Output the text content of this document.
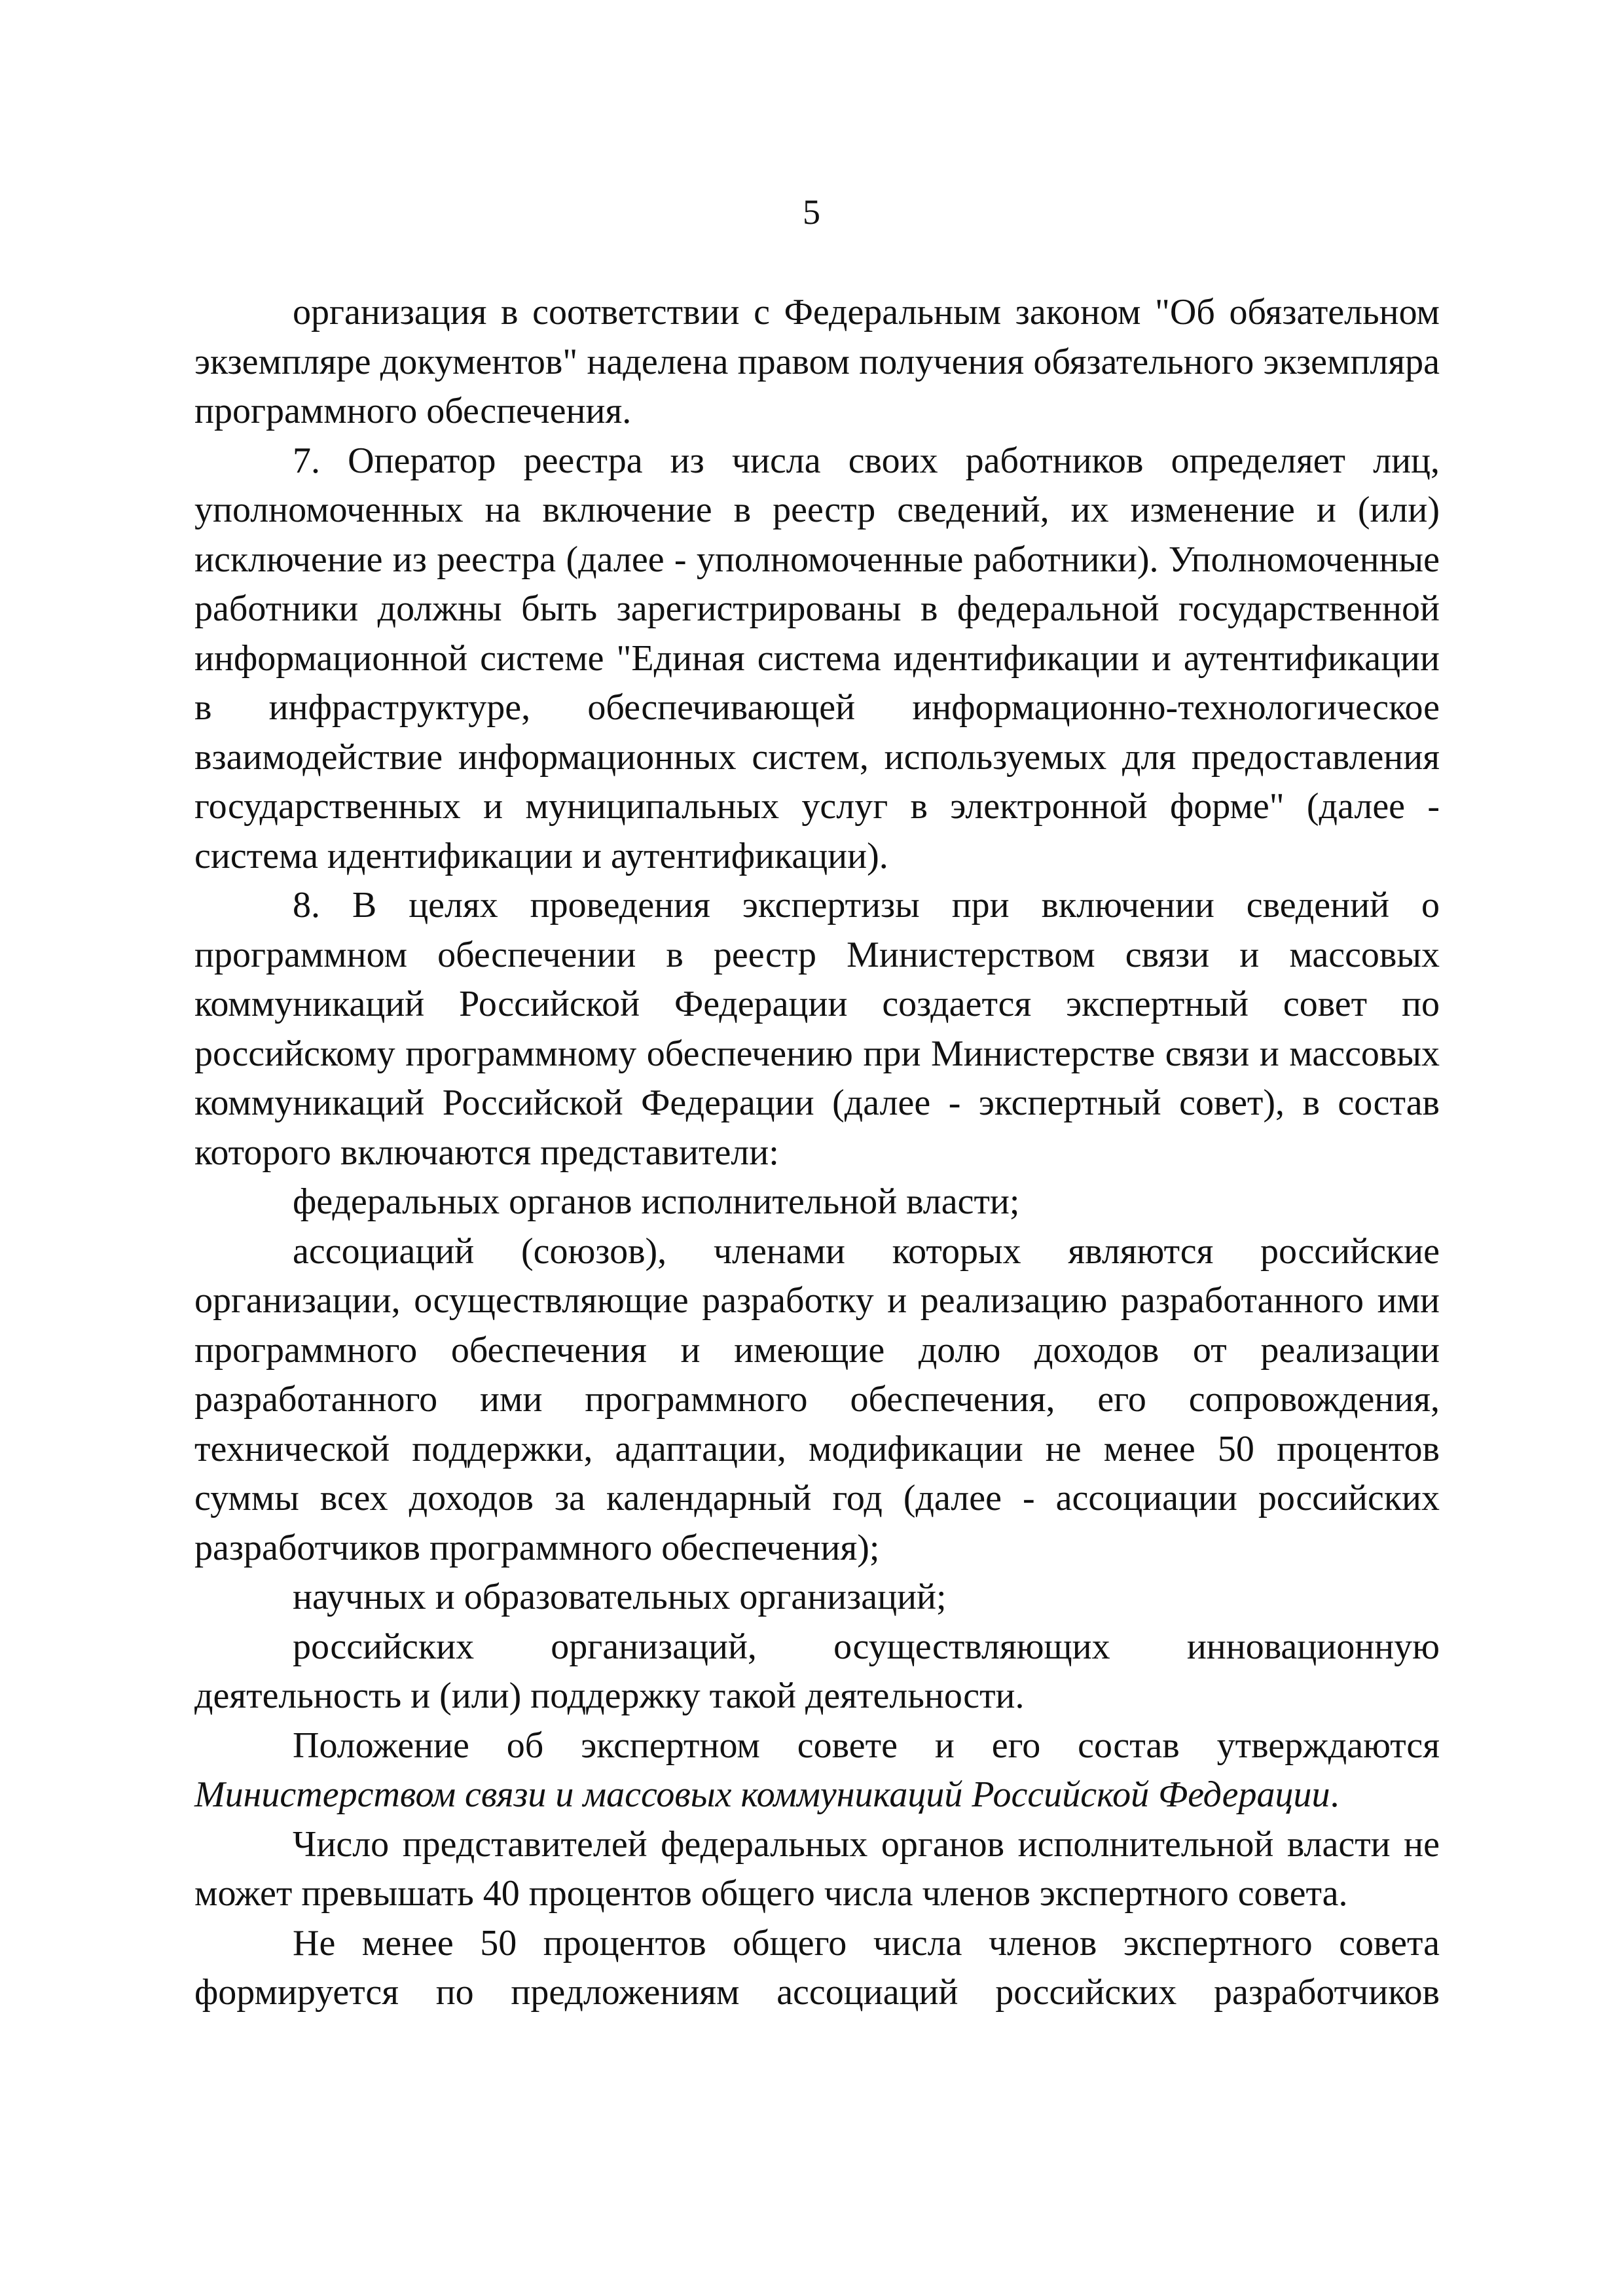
5

организация в соответствии с Федеральным законом "Об обязательном экземпляре документов" наделена правом получения обязательного экземпляра программного обеспечения.

7. Оператор реестра из числа своих работников определяет лиц, уполномоченных на включение в реестр сведений, их изменение и (или) исключение из реестра (далее - уполномоченные работники). Уполномоченные работники должны быть зарегистрированы в федеральной государственной информационной системе "Единая система идентификации и аутентификации в инфраструктуре, обеспечивающей информационно-технологическое взаимодействие информационных систем, используемых для предоставления государственных и муниципальных услуг в электронной форме" (далее - система идентификации и аутентификации).

8. В целях проведения экспертизы при включении сведений о программном обеспечении в реестр Министерством связи и массовых коммуникаций Российской Федерации создается экспертный совет по российскому программному обеспечению при Министерстве связи и массовых коммуникаций Российской Федерации (далее - экспертный совет), в состав которого включаются представители:

федеральных органов исполнительной власти;

ассоциаций (союзов), членами которых являются российские организации, осуществляющие разработку и реализацию разработанного ими программного обеспечения и имеющие долю доходов от реализации разработанного ими программного обеспечения, его сопровождения, технической поддержки, адаптации, модификации не менее 50 процентов суммы всех доходов за календарный год (далее - ассоциации российских разработчиков программного обеспечения);

научных и образовательных организаций;

российских организаций, осуществляющих инновационную деятельность и (или) поддержку такой деятельности.

Положение об экспертном совете и его состав утверждаются Министерством связи и массовых коммуникаций Российской Федерации.

Число представителей федеральных органов исполнительной власти не может превышать 40 процентов общего числа членов экспертного совета.

Не менее 50 процентов общего числа членов экспертного совета формируется по предложениям ассоциаций российских разработчиков
